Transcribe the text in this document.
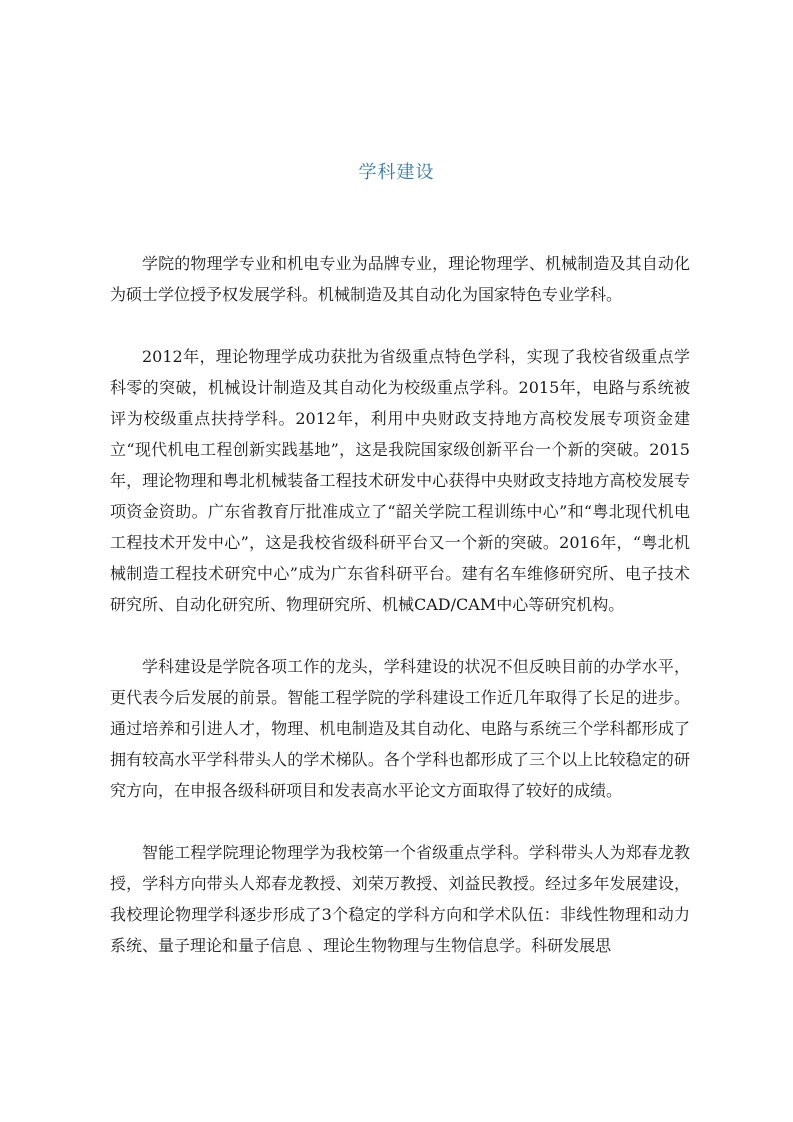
学科建设

学院的物理学专业和机电专业为品牌专业，理论物理学、机械制造及其自动化为硕士学位授予权发展学科。机械制造及其自动化为国家特色专业学科。

2012年，理论物理学成功获批为省级重点特色学科，实现了我校省级重点学科零的突破，机械设计制造及其自动化为校级重点学科。2015年，电路与系统被评为校级重点扶持学科。2012年，利用中央财政支持地方高校发展专项资金建立“现代机电工程创新实践基地”，这是我院国家级创新平台一个新的突破。2015年，理论物理和粤北机械装备工程技术研发中心获得中央财政支持地方高校发展专项资金资助。广东省教育厅批准成立了“韶关学院工程训练中心”和“粤北现代机电工程技术开发中心”，这是我校省级科研平台又一个新的突破。2016年，“粤北机械制造工程技术研究中心”成为广东省科研平台。建有名车维修研究所、电子技术研究所、自动化研究所、物理研究所、机械CAD/CAM中心等研究机构。

学科建设是学院各项工作的龙头，学科建设的状况不但反映目前的办学水平，更代表今后发展的前景。智能工程学院的学科建设工作近几年取得了长足的进步。通过培养和引进人才，物理、机电制造及其自动化、电路与系统三个学科都形成了拥有较高水平学科带头人的学术梯队。各个学科也都形成了三个以上比较稳定的研究方向，在申报各级科研项目和发表高水平论文方面取得了较好的成绩。

智能工程学院理论物理学为我校第一个省级重点学科。学科带头人为郑春龙教授，学科方向带头人郑春龙教授、刘荣万教授、刘益民教授。经过多年发展建设，我校理论物理学科逐步形成了3个稳定的学科方向和学术队伍：非线性物理和动力系统、量子理论和量子信息 、理论生物物理与生物信息学。科研发展思
